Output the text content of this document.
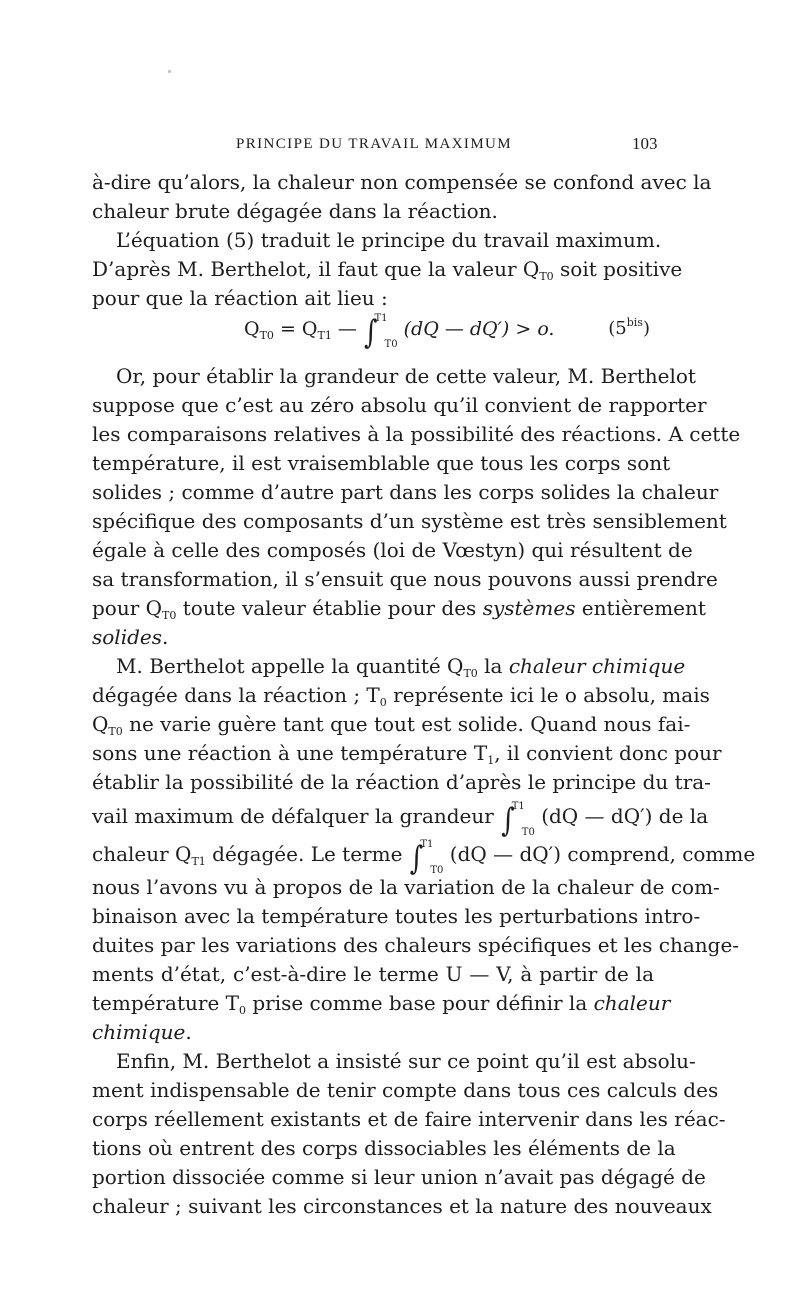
PRINCIPE DU TRAVAIL MAXIMUM	103
à-dire qu’alors, la chaleur non compensée se confond avec la
chaleur brute dégagée dans la réaction.
L’équation (5) traduit le principe du travail maximum.
D’après M. Berthelot, il faut que la valeur $Q_{T0}$ soit positive
pour que la réaction ait lieu :
$Q_{T0} = Q_{T1}$ — ∫$^{T1}_{T0}$ (dQ — dQ′) > o.	$(5^{bis})$
Or, pour établir la grandeur de cette valeur, M. Berthelot
suppose que c’est au zéro absolu qu’il convient de rapporter
les comparaisons relatives à la possibilité des réactions. A cette
température, il est vraisemblable que tous les corps sont
solides ; comme d’autre part dans les corps solides la chaleur
spécifique des composants d’un système est très sensiblement
égale à celle des composés (loi de Vœstyn) qui résultent de
sa transformation, il s’ensuit que nous pouvons aussi prendre
pour $Q_{T0}$ toute valeur établie pour des systèmes entièrement
solides.
M. Berthelot appelle la quantité $Q_{T0}$ la chaleur chimique
dégagée dans la réaction ; $T_0$ représente ici le o absolu, mais
$Q_{T0}$ ne varie guère tant que tout est solide. Quand nous fai-
sons une réaction à une température $T_1$, il convient donc pour
établir la possibilité de la réaction d’après le principe du tra-
vail maximum de défalquer la grandeur ∫$^{T1}_{T0}$ (dQ — dQ′) de la
chaleur $Q_{T1}$ dégagée. Le terme ∫$^{T1}_{T0}$ (dQ — dQ′) comprend, comme
nous l’avons vu à propos de la variation de la chaleur de com-
binaison avec la température toutes les perturbations intro-
duites par les variations des chaleurs spécifiques et les change-
ments d’état, c’est-à-dire le terme U — V, à partir de la
température $T_0$ prise comme base pour définir la chaleur
chimique.
Enfin, M. Berthelot a insisté sur ce point qu’il est absolu-
ment indispensable de tenir compte dans tous ces calculs des
corps réellement existants et de faire intervenir dans les réac-
tions où entrent des corps dissociables les éléments de la
portion dissociée comme si leur union n’avait pas dégagé de
chaleur ; suivant les circonstances et la nature des nouveaux
